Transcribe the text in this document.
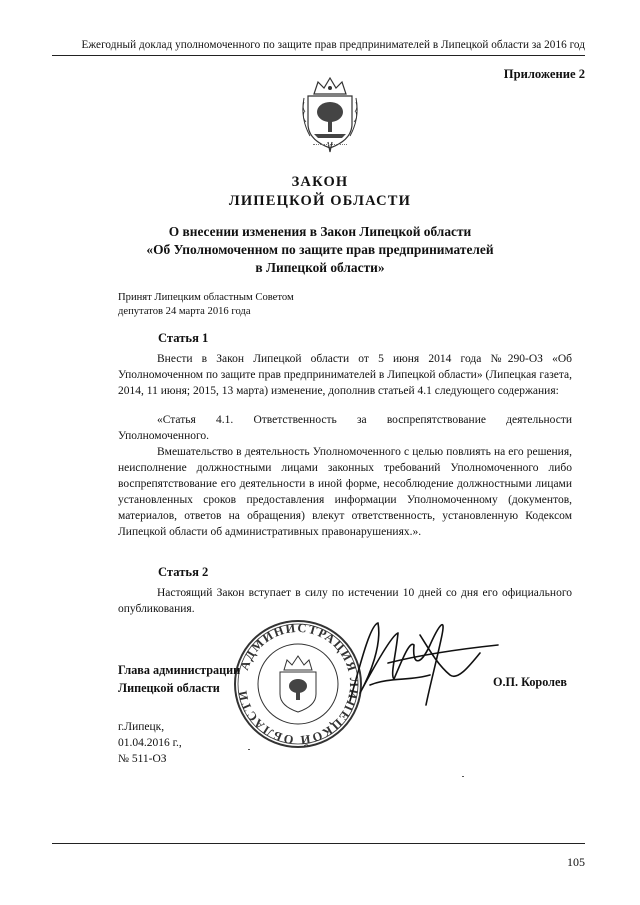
Ежегодный доклад уполномоченного по защите прав предпринимателей в Липецкой области за 2016 год
Приложение 2
ЗАКОН
ЛИПЕЦКОЙ ОБЛАСТИ
О внесении изменения в Закон Липецкой области
«Об Уполномоченном по защите прав предпринимателей
в Липецкой области»
Принят Липецким областным Советом
депутатов 24 марта 2016 года
Статья 1
Внести в Закон Липецкой области от 5 июня 2014 года №290-ОЗ «Об Уполномоченном по защите прав предпринимателей в Липецкой области» (Липецкая газета, 2014, 11 июня; 2015, 13 марта) изменение, дополнив статьей 4.1 следующего содержания:
«Статья 4.1. Ответственность за воспрепятствование деятельности Уполномоченного.
Вмешательство в деятельность Уполномоченного с целью повлиять на его решения, неисполнение должностными лицами законных требований Уполномоченного либо воспрепятствование его деятельности в иной форме, несоблюдение должностными лицами установленных сроков предоставления информации Уполномоченному (документов, материалов, ответов на обращения) влекут ответственность, установленную Кодексом Липецкой области об административных правонарушениях.».
Статья 2
Настоящий Закон вступает в силу по истечении 10 дней со дня его официального опубликования.
АДМИНИСТРАЦИЯ ЛИПЕЦКОЙ ОБЛАСТИ
Глава администрации
Липецкой области	О.П. Королев
г.Липецк,
01.04.2016 г.,
№ 511-ОЗ
105
